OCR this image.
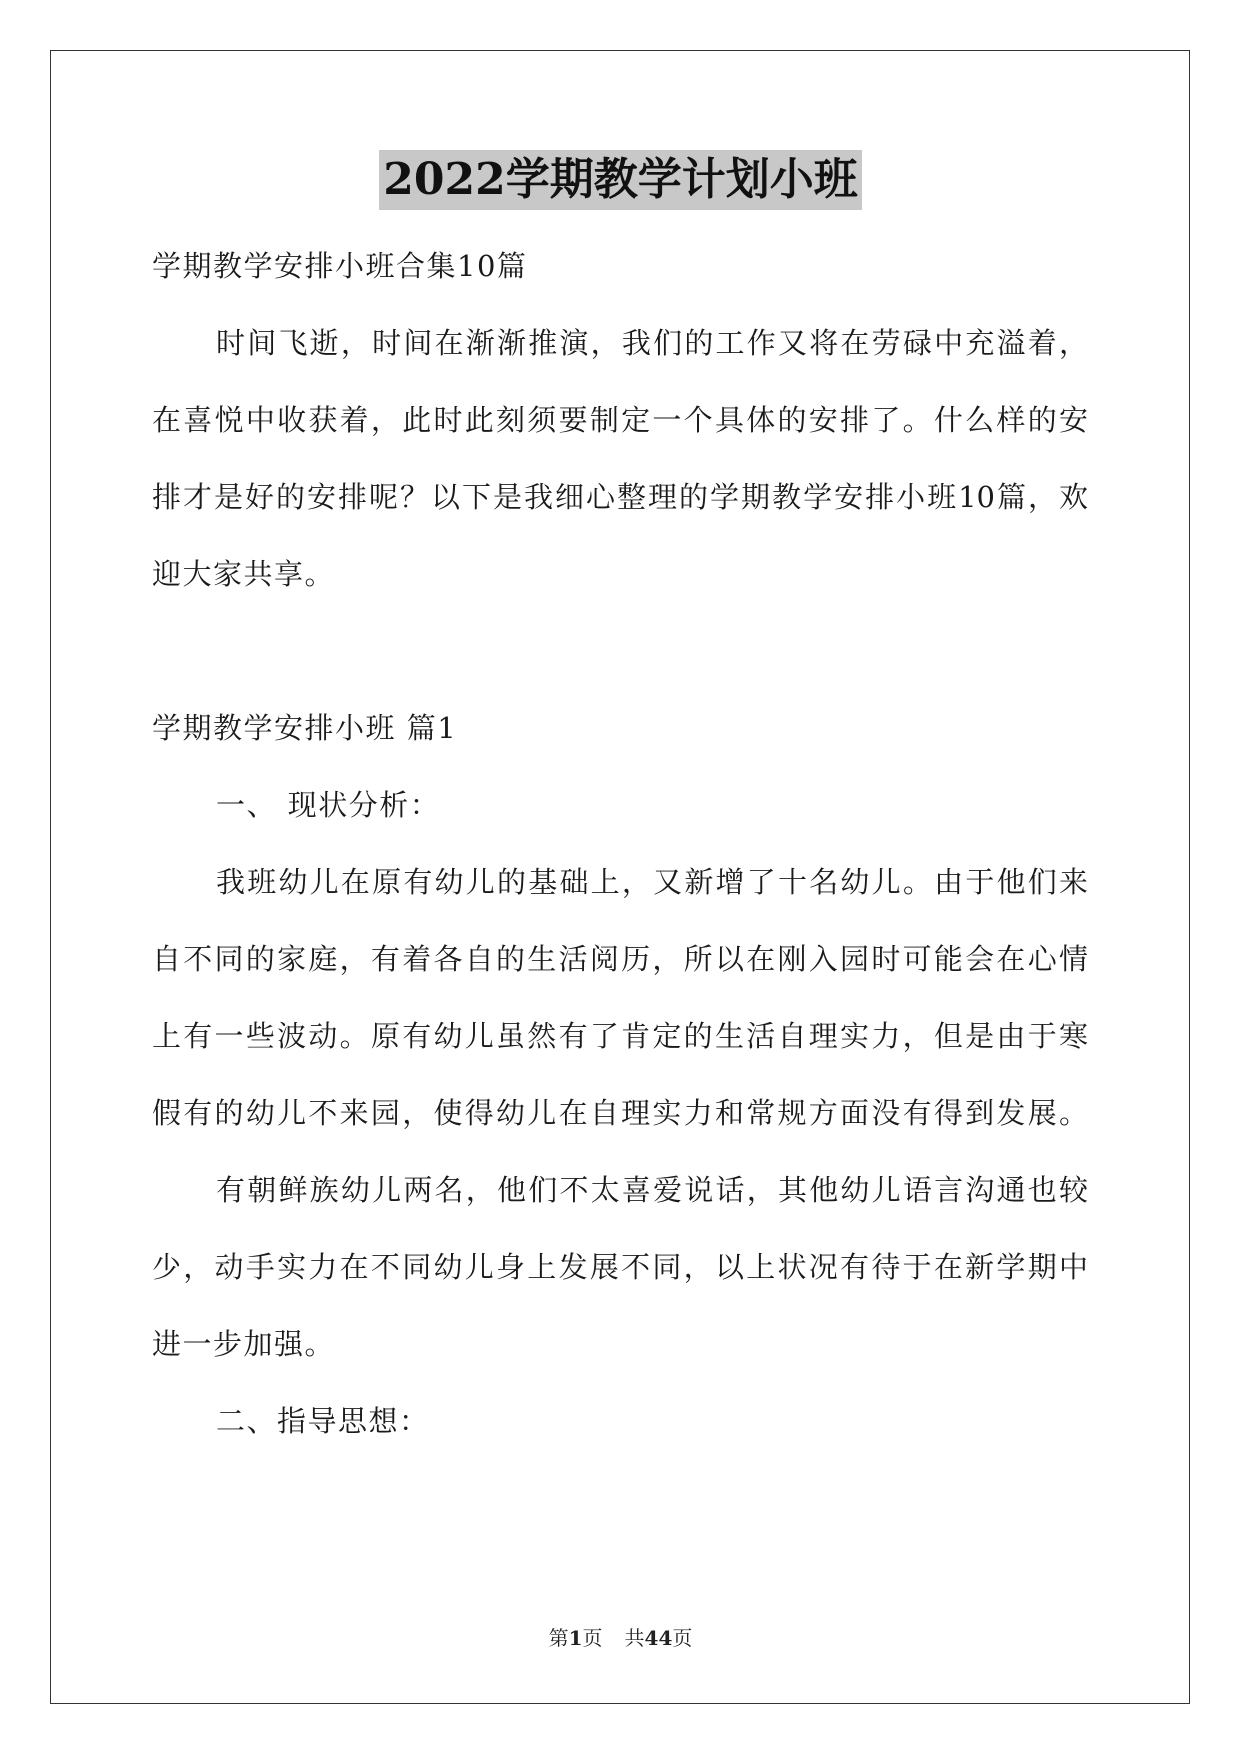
2022学期教学计划小班
学期教学安排小班合集10篇
时间飞逝，时间在渐渐推演，我们的工作又将在劳碌中充溢着，
在喜悦中收获着，此时此刻须要制定一个具体的安排了。什么样的安
排才是好的安排呢？以下是我细心整理的学期教学安排小班10篇，欢
迎大家共享。
学期教学安排小班 篇1
一、 现状分析：
我班幼儿在原有幼儿的基础上，又新增了十名幼儿。由于他们来
自不同的家庭，有着各自的生活阅历，所以在刚入园时可能会在心情
上有一些波动。原有幼儿虽然有了肯定的生活自理实力，但是由于寒
假有的幼儿不来园，使得幼儿在自理实力和常规方面没有得到发展。
有朝鲜族幼儿两名，他们不太喜爱说话，其他幼儿语言沟通也较
少，动手实力在不同幼儿身上发展不同，以上状况有待于在新学期中
进一步加强。
二、指导思想：
第1页 共44页
